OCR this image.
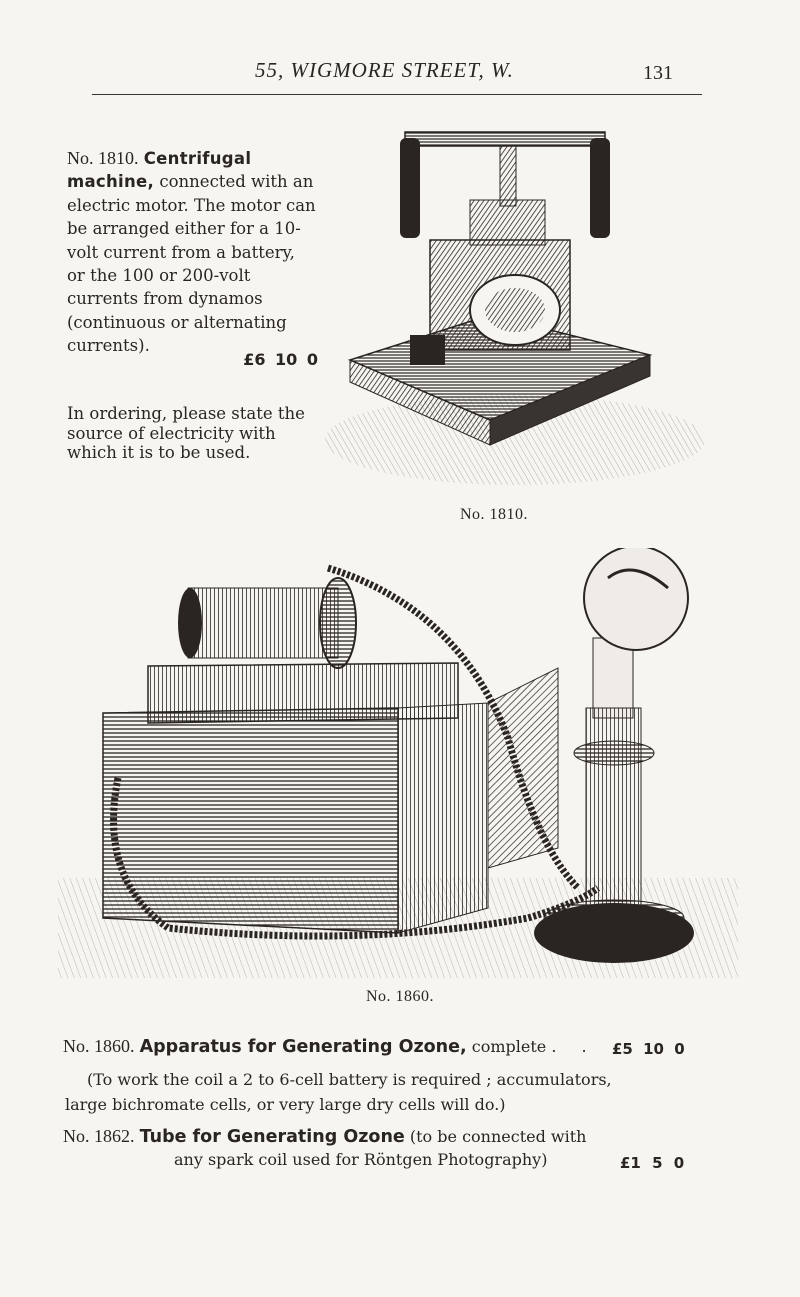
55, WIGMORE STREET, W.	131
No. 1810. Centrifugal machine, connected with an electric motor. The motor can be arranged either for a 10-volt current from a battery, or the 100 or 200-volt currents from dynamos (continuous or alternating currents).
£6 10 0
In ordering, please state the source of electricity with which it is to be used.
No. 1810.
No. 1860.
No. 1860. Apparatus for Generating Ozone, complete . . £5 10 0
(To work the coil a 2 to 6-cell battery is required ; accumulators,
large bichromate cells, or very large dry cells will do.)
No. 1862. Tube for Generating Ozone (to be connected with
any spark coil used for Röntgen Photography)	£1 5 0
